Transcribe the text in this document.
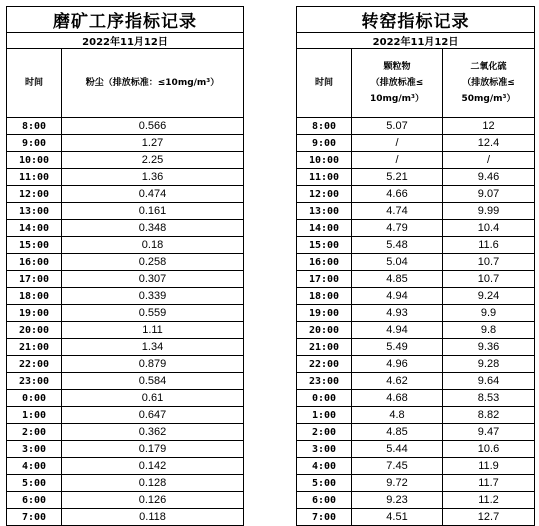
磨矿工序指标记录	
2022年11月12日	
时间	粉尘（排放标准：≤10mg/m³）
8:00	0.566
9:00	1.27
10:00	2.25
11:00	1.36
12:00	0.474
13:00	0.161
14:00	0.348
15:00	0.18
16:00	0.258
17:00	0.307
18:00	0.339
19:00	0.559
20:00	1.11
21:00	1.34
22:00	0.879
23:00	0.584
0:00	0.61
1:00	0.647
2:00	0.362
3:00	0.179
4:00	0.142
5:00	0.128
6:00	0.126
7:00	0.118
转窑指标记录		
2022年11月12日		
时间	颗粒物
（排放标准≤
10mg/m³）	二氧化硫
（排放标准≤
50mg/m³）
8:00	5.07	12
9:00	/	12.4
10:00	/	/
11:00	5.21	9.46
12:00	4.66	9.07
13:00	4.74	9.99
14:00	4.79	10.4
15:00	5.48	11.6
16:00	5.04	10.7
17:00	4.85	10.7
18:00	4.94	9.24
19:00	4.93	9.9
20:00	4.94	9.8
21:00	5.49	9.36
22:00	4.96	9.28
23:00	4.62	9.64
0:00	4.68	8.53
1:00	4.8	8.82
2:00	4.85	9.47
3:00	5.44	10.6
4:00	7.45	11.9
5:00	9.72	11.7
6:00	9.23	11.2
7:00	4.51	12.7
